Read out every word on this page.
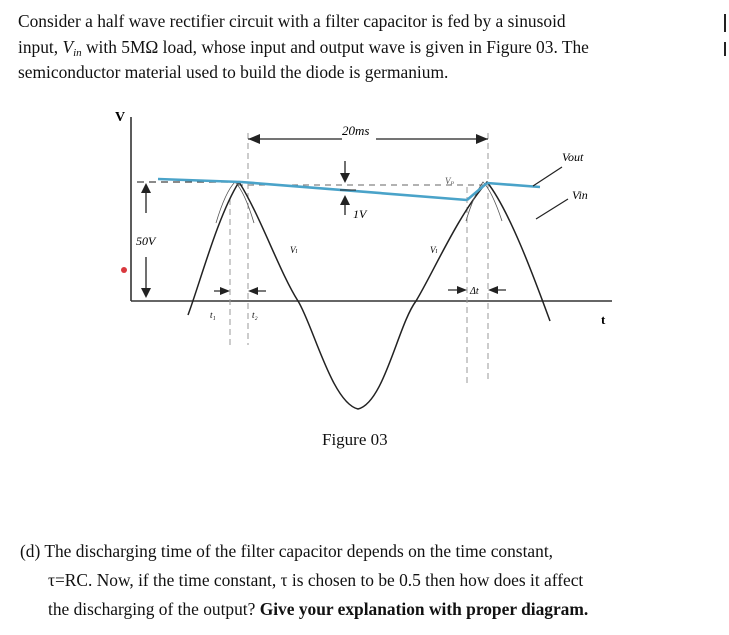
Consider a half wave rectifier circuit with a filter capacitor is fed by a sinusoid
input, $V_{in}$ with 5MΩ load, whose input and output wave is given in Figure 03. The
semiconductor material used to build the diode is germanium.
V
t
20ms
1V
50V
Vout
Vin
t₁	t₂
Vₚ
Vₗ	Vₗ
Δt
Figure 03
(d) The discharging time of the filter capacitor depends on the time constant,
τ=RC. Now, if the time constant, τ is chosen to be 0.5 then how does it affect
the discharging of the output? Give your explanation with proper diagram.
